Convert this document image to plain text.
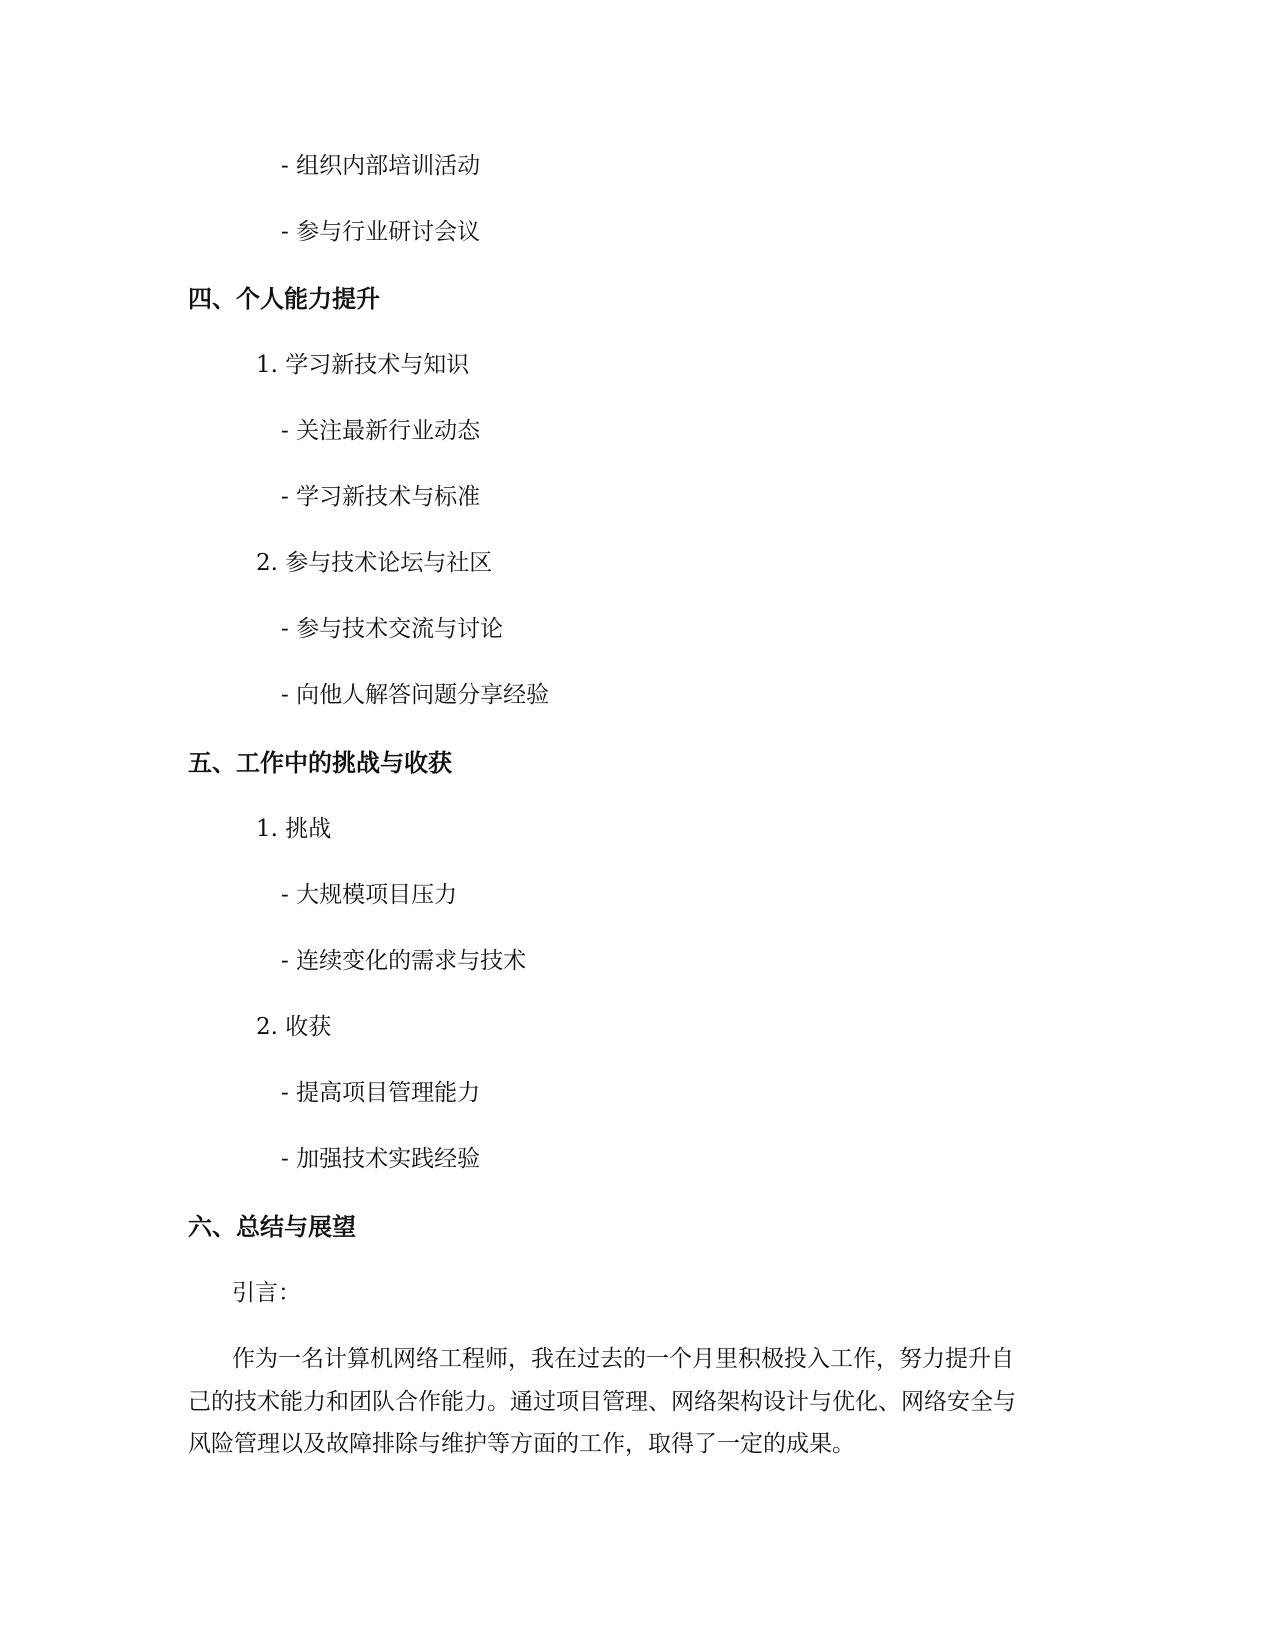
- 组织内部培训活动
- 参与行业研讨会议
四、个人能力提升
1. 学习新技术与知识
- 关注最新行业动态
- 学习新技术与标准
2. 参与技术论坛与社区
- 参与技术交流与讨论
- 向他人解答问题分享经验
五、工作中的挑战与收获
1. 挑战
- 大规模项目压力
- 连续变化的需求与技术
2. 收获
- 提高项目管理能力
- 加强技术实践经验
六、总结与展望
引言：
作为一名计算机网络工程师，我在过去的一个月里积极投入工作，努力提升自
己的技术能力和团队合作能力。通过项目管理、网络架构设计与优化、网络安全与
风险管理以及故障排除与维护等方面的工作，取得了一定的成果。
